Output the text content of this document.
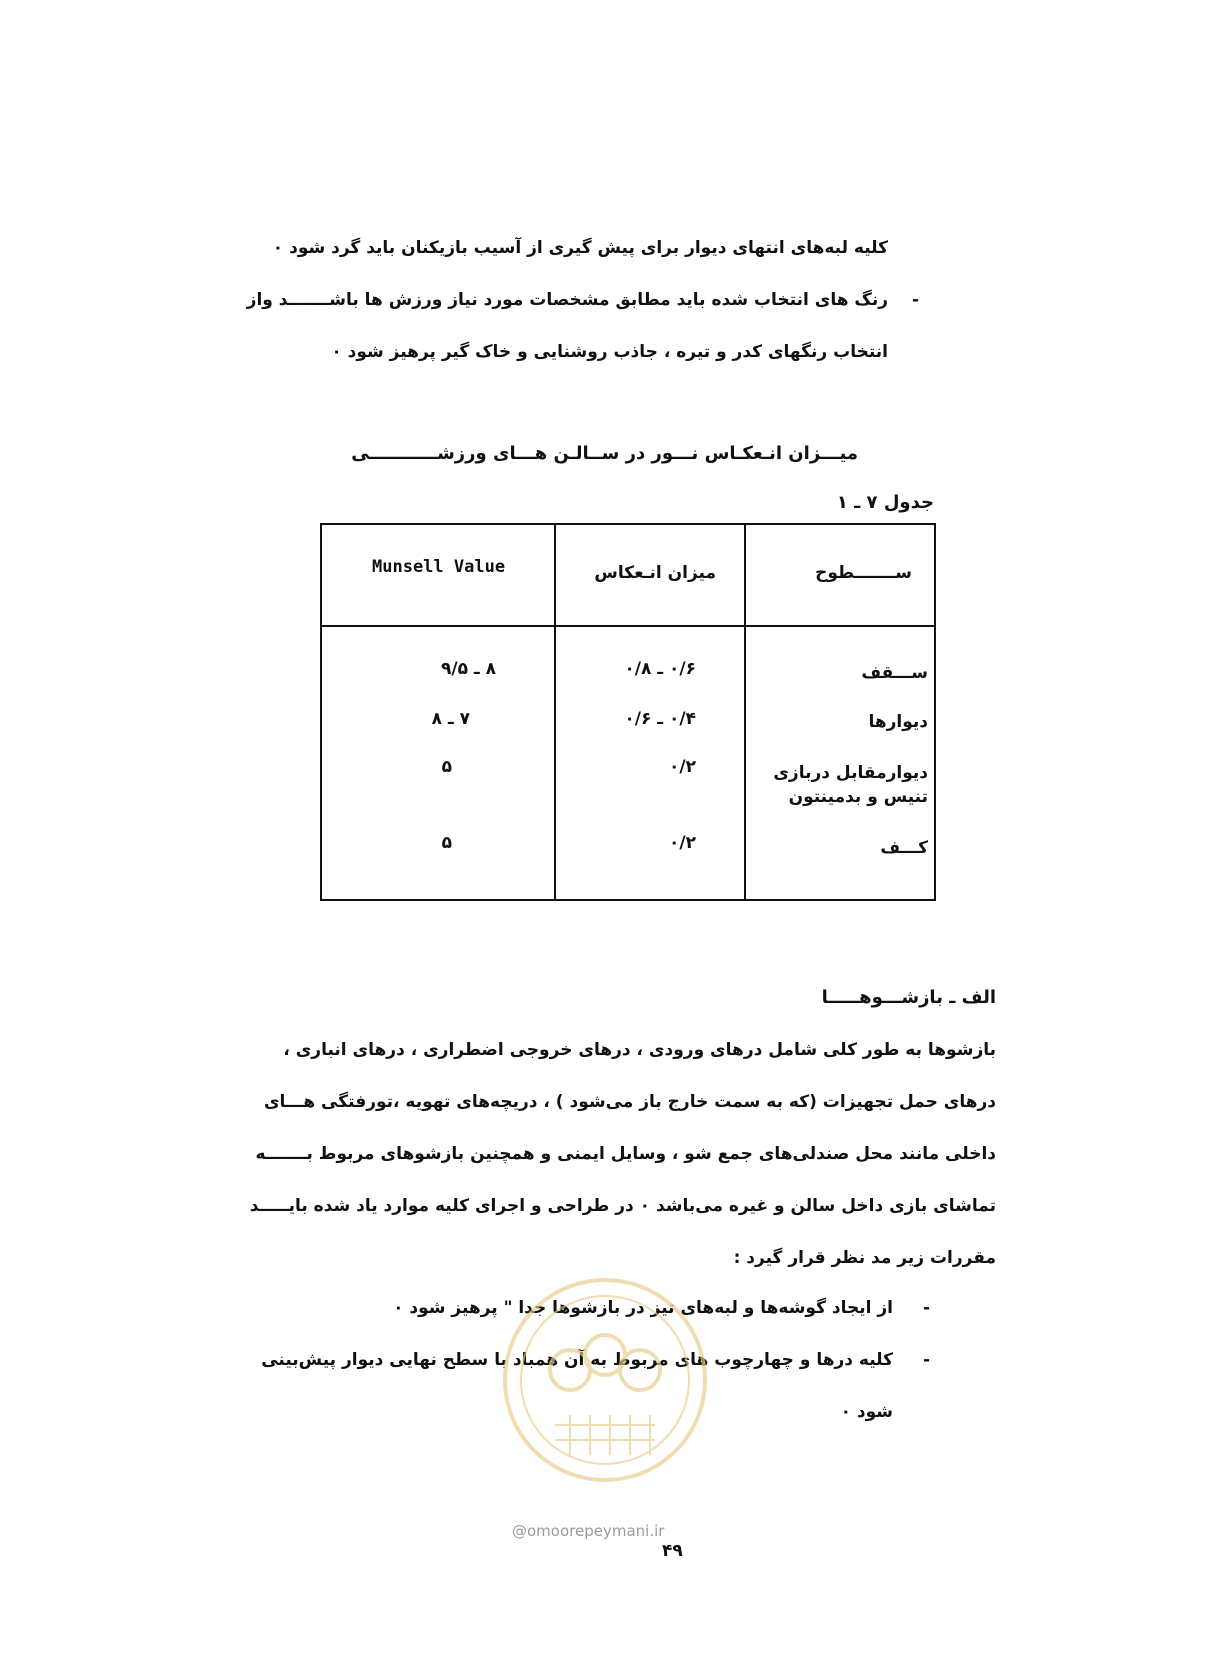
کلیه لبه‌های انتهای دیوار برای پیش گیری از آسیب بازیکنان باید گرد شود ۰
-
رنگ های انتخاب شده باید مطابق مشخصات مورد نیاز ورزش ها باشـــــــد واز
انتخاب رنگهای کدر و تیره ، جاذب روشنایی و خاک گیر پرهیز شود ۰
میـــزان انـعکـاس نـــور در ســالـن هـــای ورزشـــــــــــی
جدول ۷ ـ ۱
ســـــــطوح
میزان انـعکاس
Munsell Value
ســـقف
۰/۶ ـ ۰/۸
۸ ـ ۹/۵
دیوارها
۰/۴ ـ ۰/۶
۷ ـ ۸
دیوارمقابل دربازی
تنیس و بدمینتون
۰/۲
۵
کـــف
۰/۲
۵
الف ـ بازشـــوهـــــا
بازشوها به طور کلی شامل درهای ورودی ، درهای خروجی اضطراری ، درهای انباری ،
درهای حمل تجهیزات (که به سمت خارج باز می‌شود ) ، دریچه‌های تهویه ،تورفتگی هـــای
داخلی مانند محل صندلی‌های جمع شو ، وسایل ایمنی و همچنین بازشوهای مربوط بـــــــه
تماشای بازی داخل سالن و غیره می‌باشد ۰ در طراحی و اجرای کلیه موارد یاد شده بایـــــد
مقررات زیر مد نظر قرار گیرد :
-
از ایجاد گوشه‌ها و لبه‌های تیز در بازشوها جدا " پرهیز شود ۰
-
کلیه درها و چهارچوب های مربوط به آن همباد با سطح نهایی دیوار پیش‌بینی
شود ۰
@omoorepeymani.ir
۴۹
